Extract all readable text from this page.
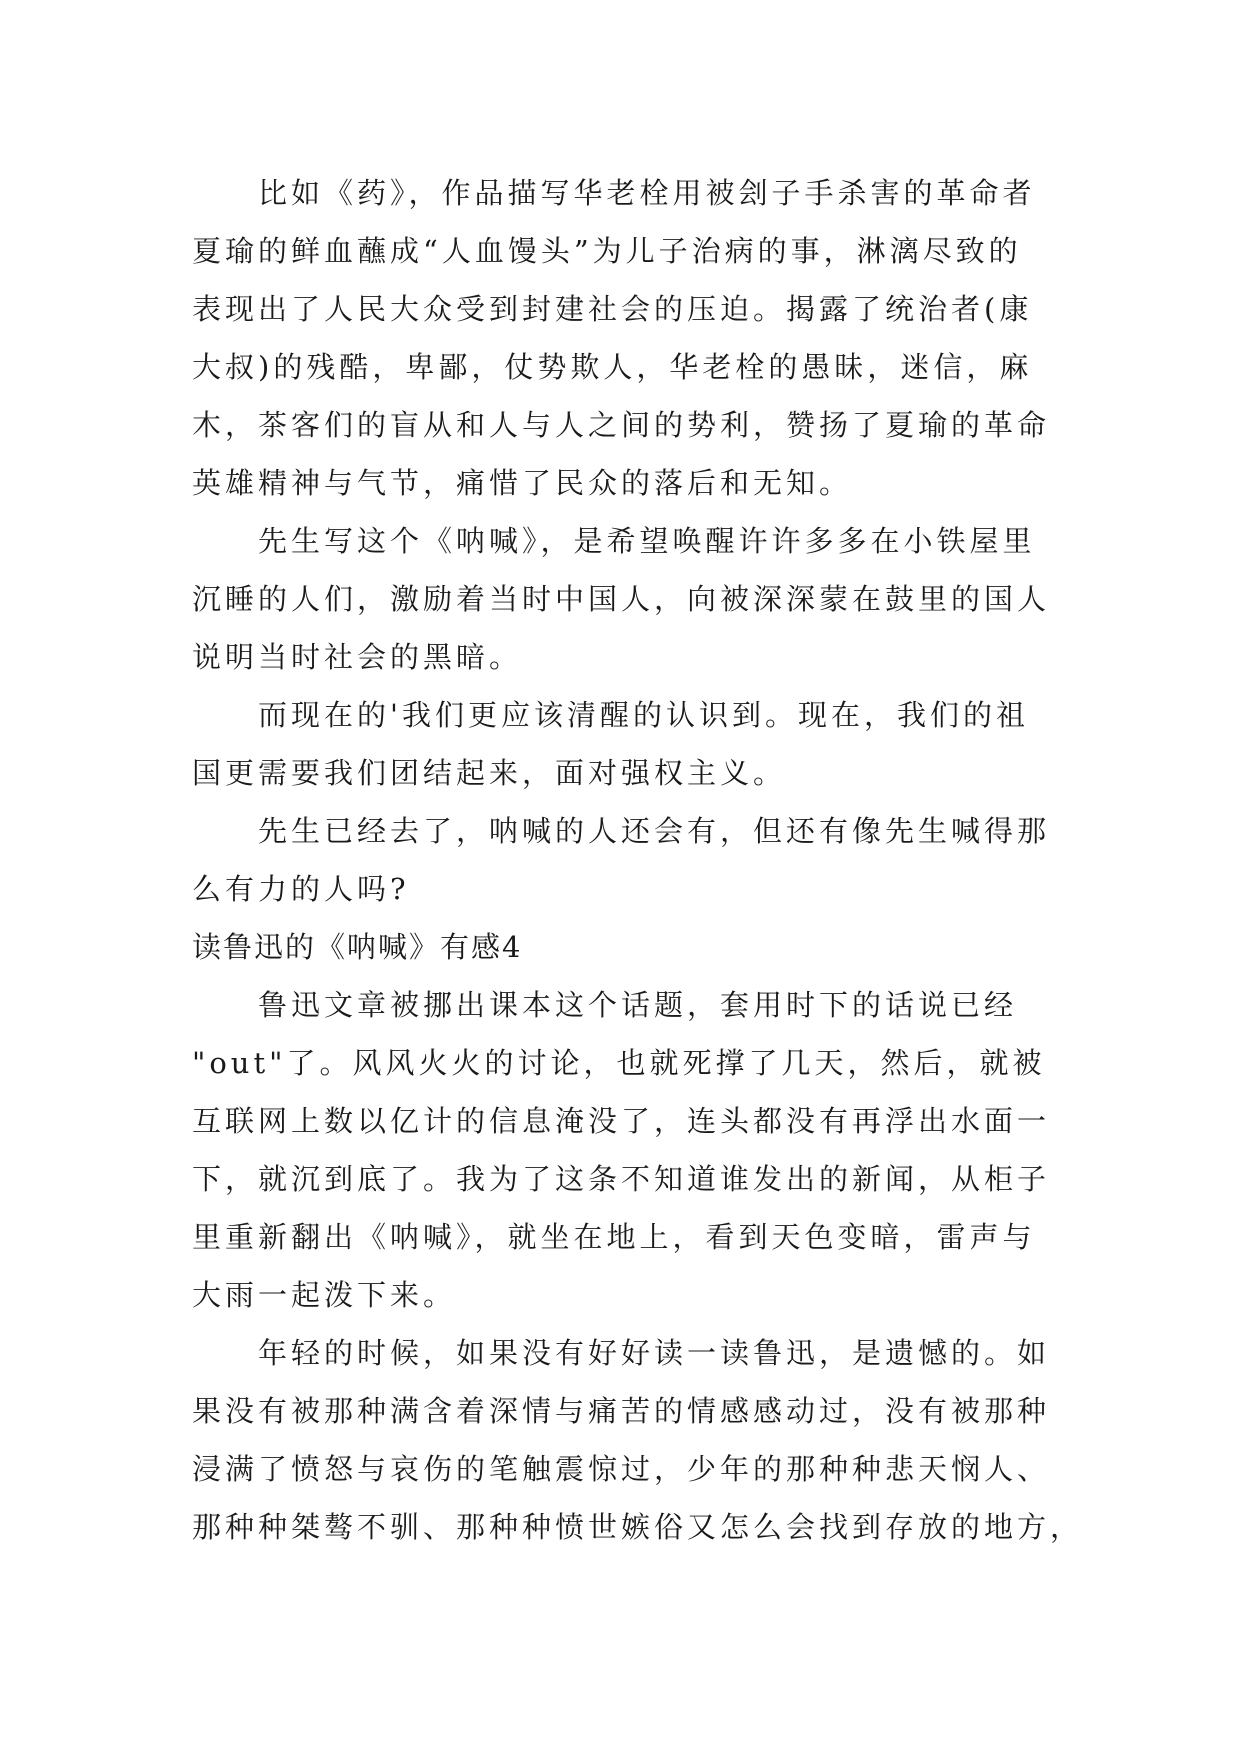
比如《药》，作品描写华老栓用被刽子手杀害的革命者
夏瑜的鲜血蘸成“人血馒头”为儿子治病的事，淋漓尽致的
表现出了人民大众受到封建社会的压迫。揭露了统治者(康
大叔)的残酷，卑鄙，仗势欺人，华老栓的愚昧，迷信，麻
木，茶客们的盲从和人与人之间的势利，赞扬了夏瑜的革命
英雄精神与气节，痛惜了民众的落后和无知。
先生写这个《呐喊》，是希望唤醒许许多多在小铁屋里
沉睡的人们，激励着当时中国人，向被深深蒙在鼓里的国人
说明当时社会的黑暗。
而现在的'我们更应该清醒的认识到。现在，我们的祖
国更需要我们团结起来，面对强权主义。
先生已经去了，呐喊的人还会有，但还有像先生喊得那
么有力的人吗?
读鲁迅的《呐喊》有感4
鲁迅文章被挪出课本这个话题，套用时下的话说已经
"out"了。风风火火的讨论，也就死撑了几天，然后，就被
互联网上数以亿计的信息淹没了，连头都没有再浮出水面一
下，就沉到底了。我为了这条不知道谁发出的新闻，从柜子
里重新翻出《呐喊》，就坐在地上，看到天色变暗，雷声与
大雨一起泼下来。
年轻的时候，如果没有好好读一读鲁迅，是遗憾的。如
果没有被那种满含着深情与痛苦的情感感动过，没有被那种
浸满了愤怒与哀伤的笔触震惊过，少年的那种种悲天悯人、
那种种桀骜不驯、那种种愤世嫉俗又怎么会找到存放的地方，
